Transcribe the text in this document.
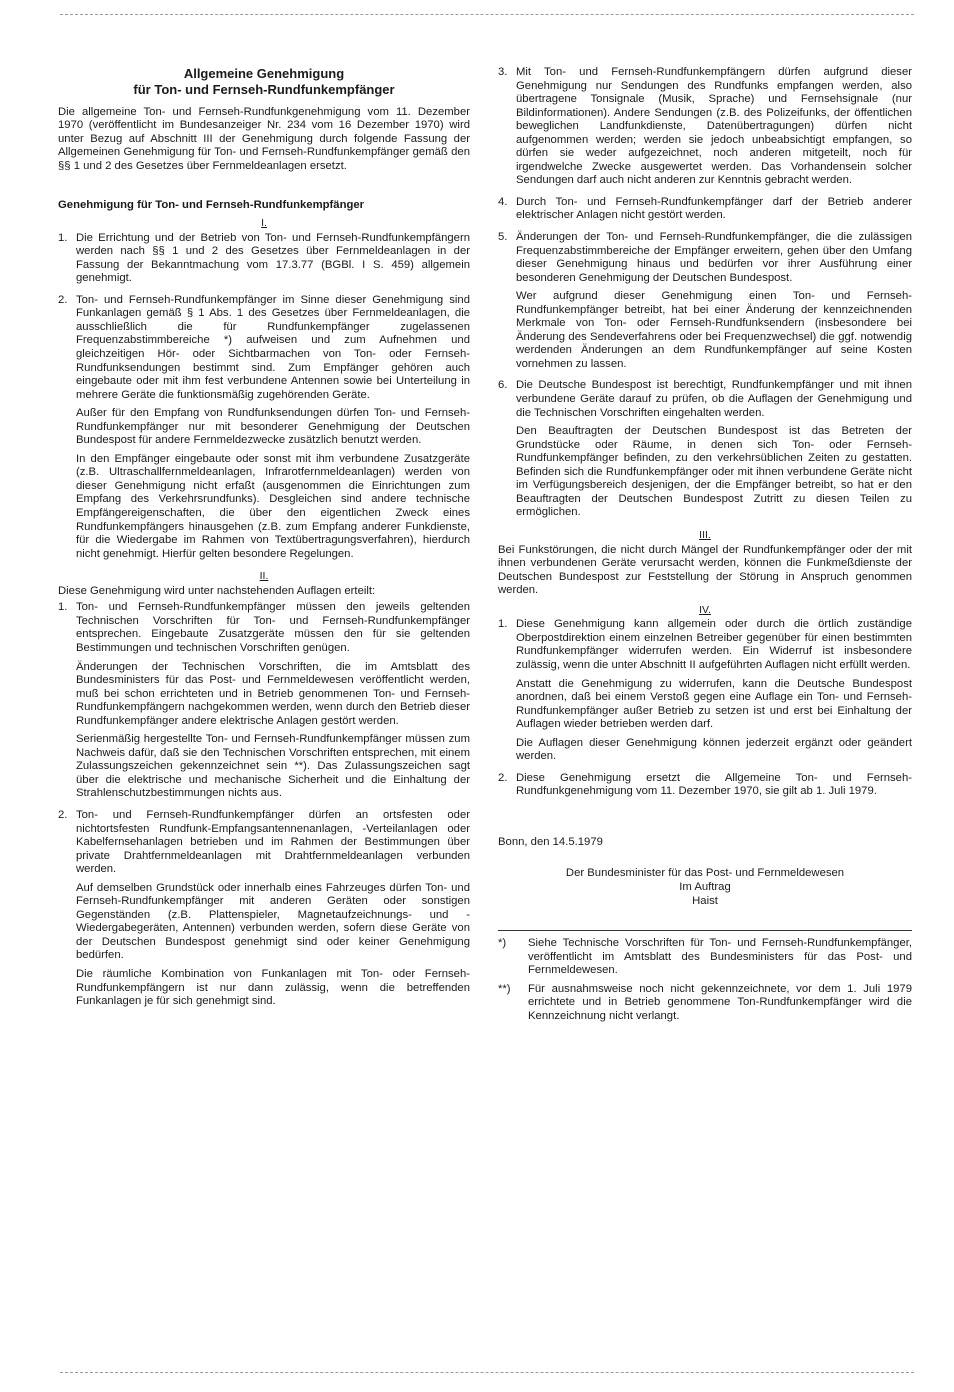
Allgemeine Genehmigung
für Ton- und Fernseh-Rundfunkempfänger

Die allgemeine Ton- und Fernseh-Rundfunkgenehmigung vom 11. Dezember 1970 (veröffentlicht im Bundesanzeiger Nr. 234 vom 16 Dezember 1970) wird unter Bezug auf Abschnitt III der Genehmigung durch folgende Fassung der Allgemeinen Genehmigung für Ton- und Fernseh-Rundfunkempfänger gemäß den §§ 1 und 2 des Gesetzes über Fernmeldeanlagen ersetzt.

Genehmigung für Ton- und Fernseh-Rundfunkempfänger
I.
1. Die Errichtung und der Betrieb von Ton- und Fernseh-Rundfunkempfängern werden nach §§ 1 und 2 des Gesetzes über Fernmeldeanlagen in der Fassung der Bekanntmachung vom 17.3.77 (BGBl. I S. 459) allgemein genehmigt.

2. Ton- und Fernseh-Rundfunkempfänger im Sinne dieser Genehmigung sind Funkanlagen gemäß § 1 Abs. 1 des Gesetzes über Fernmeldeanlagen, die ausschließlich die für Rundfunkempfänger zugelassenen Frequenzabstimmbereiche *) aufweisen und zum Aufnehmen und gleichzeitigen Hör- oder Sichtbarmachen von Ton- oder Fernseh-Rundfunksendungen bestimmt sind. Zum Empfänger gehören auch eingebaute oder mit ihm fest verbundene Antennen sowie bei Unterteilung in mehrere Geräte die funktionsmäßig zugehörenden Geräte.

Außer für den Empfang von Rundfunksendungen dürfen Ton- und Fernseh-Rundfunkempfänger nur mit besonderer Genehmigung der Deutschen Bundespost für andere Fernmeldezwecke zusätzlich benutzt werden.

In den Empfänger eingebaute oder sonst mit ihm verbundene Zusatzgeräte (z.B. Ultraschallfernmeldeanlagen, Infrarotfernmeldeanlagen) werden von dieser Genehmigung nicht erfaßt (ausgenommen die Einrichtungen zum Empfang des Verkehrsrundfunks). Desgleichen sind andere technische Empfängereigenschaften, die über den eigentlichen Zweck eines Rundfunkempfängers hinausgehen (z.B. zum Empfang anderer Funkdienste, für die Wiedergabe im Rahmen von Textübertragungsverfahren), hierdurch nicht genehmigt. Hierfür gelten besondere Regelungen.

II.

Diese Genehmigung wird unter nachstehenden Auflagen erteilt:

1. Ton- und Fernseh-Rundfunkempfänger müssen den jeweils geltenden Technischen Vorschriften für Ton- und Fernseh-Rundfunkempfänger entsprechen. Eingebaute Zusatzgeräte müssen den für sie geltenden Bestimmungen und technischen Vorschriften genügen.

Änderungen der Technischen Vorschriften, die im Amtsblatt des Bundesministers für das Post- und Fernmeldewesen veröffentlicht werden, muß bei schon errichteten und in Betrieb genommenen Ton- und Fernseh-Rundfunkempfängern nachgekommen werden, wenn durch den Betrieb dieser Rundfunkempfänger andere elektrische Anlagen gestört werden.

Serienmäßig hergestellte Ton- und Fernseh-Rundfunkempfänger müssen zum Nachweis dafür, daß sie den Technischen Vorschriften entsprechen, mit einem Zulassungszeichen gekennzeichnet sein **). Das Zulassungszeichen sagt über die elektrische und mechanische Sicherheit und die Einhaltung der Strahlenschutzbestimmungen nichts aus.

2. Ton- und Fernseh-Rundfunkempfänger dürfen an ortsfesten oder nichtortsfesten Rundfunk-Empfangsantennenanlagen, -Verteilanlagen oder Kabelfernsehanlagen betrieben und im Rahmen der Bestimmungen über private Drahtfernmeldeanlagen mit Drahtfernmeldeanlagen verbunden werden.

Auf demselben Grundstück oder innerhalb eines Fahrzeuges dürfen Ton- und Fernseh-Rundfunkempfänger mit anderen Geräten oder sonstigen Gegenständen (z.B. Plattenspieler, Magnetaufzeichnungs- und -Wiedergabegeräten, Antennen) verbunden werden, sofern diese Geräte von der Deutschen Bundespost genehmigt sind oder keiner Genehmigung bedürfen.

Die räumliche Kombination von Funkanlagen mit Ton- oder Fernseh-Rundfunkempfängern ist nur dann zulässig, wenn die betreffenden Funkanlagen je für sich genehmigt sind.

3. Mit Ton- und Fernseh-Rundfunkempfängern dürfen aufgrund dieser Genehmigung nur Sendungen des Rundfunks empfangen werden, also übertragene Tonsignale (Musik, Sprache) und Fernsehsignale (nur Bildinformationen). Andere Sendungen (z.B. des Polizeifunks, der öffentlichen beweglichen Landfunkdienste, Datenübertragungen) dürfen nicht aufgenommen werden; werden sie jedoch unbeabsichtigt empfangen, so dürfen sie weder aufgezeichnet, noch anderen mitgeteilt, noch für irgendwelche Zwecke ausgewertet werden. Das Vorhandensein solcher Sendungen darf auch nicht anderen zur Kenntnis gebracht werden.

4. Durch Ton- und Fernseh-Rundfunkempfänger darf der Betrieb anderer elektrischer Anlagen nicht gestört werden.

5. Änderungen der Ton- und Fernseh-Rundfunkempfänger, die die zulässigen Frequenzabstimmbereiche der Empfänger erweitern, gehen über den Umfang dieser Genehmigung hinaus und bedürfen vor ihrer Ausführung einer besonderen Genehmigung der Deutschen Bundespost.

Wer aufgrund dieser Genehmigung einen Ton- und Fernseh-Rundfunkempfänger betreibt, hat bei einer Änderung der kennzeichnenden Merkmale von Ton- oder Fernseh-Rundfunksendern (insbesondere bei Änderung des Sendeverfahrens oder bei Frequenzwechsel) die ggf. notwendig werdenden Änderungen an dem Rundfunkempfänger auf seine Kosten vornehmen zu lassen.

6. Die Deutsche Bundespost ist berechtigt, Rundfunkempfänger und mit ihnen verbundene Geräte darauf zu prüfen, ob die Auflagen der Genehmigung und die Technischen Vorschriften eingehalten werden.

Den Beauftragten der Deutschen Bundespost ist das Betreten der Grundstücke oder Räume, in denen sich Ton- oder Fernseh-Rundfunkempfänger befinden, zu den verkehrsüblichen Zeiten zu gestatten. Befinden sich die Rundfunkempfänger oder mit ihnen verbundene Geräte nicht im Verfügungsbereich desjenigen, der die Empfänger betreibt, so hat er den Beauftragten der Deutschen Bundespost Zutritt zu diesen Teilen zu ermöglichen.

III.

Bei Funkstörungen, die nicht durch Mängel der Rundfunkempfänger oder der mit ihnen verbundenen Geräte verursacht werden, können die Funkmeßdienste der Deutschen Bundespost zur Feststellung der Störung in Anspruch genommen werden.

IV.
1. Diese Genehmigung kann allgemein oder durch die örtlich zuständige Oberpostdirektion einem einzelnen Betreiber gegenüber für einen bestimmten Rundfunkempfänger widerrufen werden. Ein Widerruf ist insbesondere zulässig, wenn die unter Abschnitt II aufgeführten Auflagen nicht erfüllt werden.

Anstatt die Genehmigung zu widerrufen, kann die Deutsche Bundespost anordnen, daß bei einem Verstoß gegen eine Auflage ein Ton- und Fernseh-Rundfunkempfänger außer Betrieb zu setzen ist und erst bei Einhaltung der Auflagen wieder betrieben werden darf.

Die Auflagen dieser Genehmigung können jederzeit ergänzt oder geändert werden.

2. Diese Genehmigung ersetzt die Allgemeine Ton- und Fernseh-Rundfunkgenehmigung vom 11. Dezember 1970, sie gilt ab 1. Juli 1979.

Bonn, den 14.5.1979
Der Bundesminister für das Post- und Fernmeldewesen
Im Auftrag
Haist
*)	Siehe Technische Vorschriften für Ton- und Fernseh-Rundfunkempfänger, veröffentlicht im Amtsblatt des Bundesministers für das Post- und Fernmeldewesen.
**)	Für ausnahmsweise noch nicht gekennzeichnete, vor dem 1. Juli 1979 errichtete und in Betrieb genommene Ton-Rundfunkempfänger wird die Kennzeichnung nicht verlangt.
